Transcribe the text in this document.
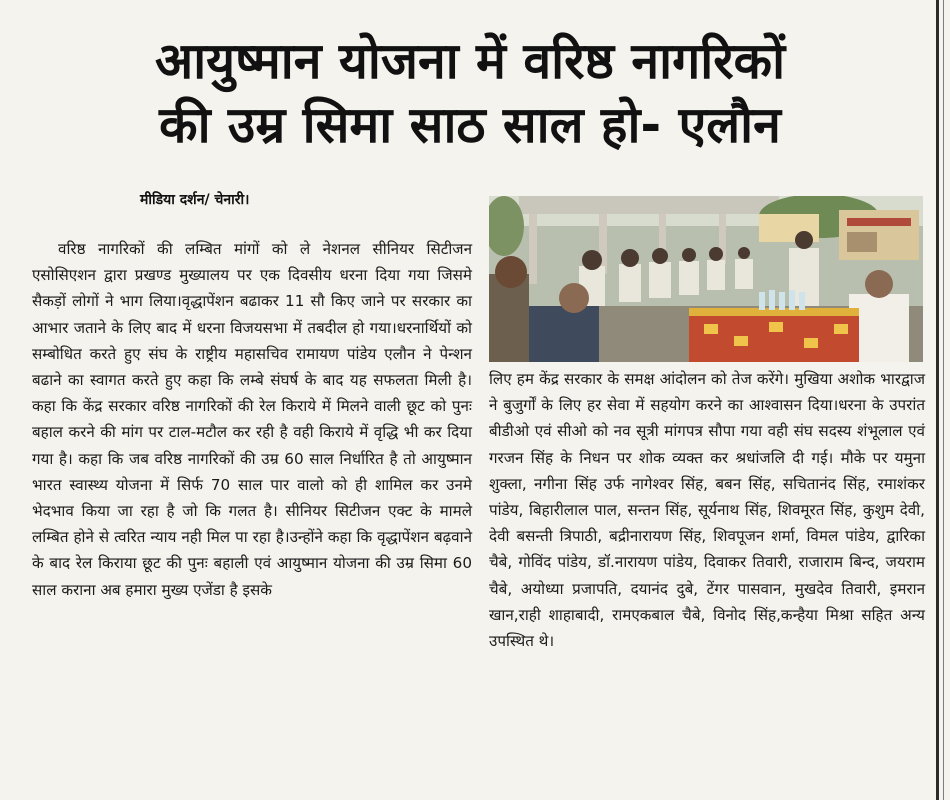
आयुष्मान योजना में वरिष्ठ नागरिकों
की उम्र सिमा साठ साल हो- एलौन
मीडिया दर्शन/ चेनारी।

वरिष्ठ नागरिकों की लम्बित मांगों को ले नेशनल सीनियर सिटीजन एसोसिएशन द्वारा प्रखण्ड मुख्यालय पर एक दिवसीय धरना दिया गया जिसमे सैकड़ों लोगों ने भाग लिया।वृद्धापेंशन बढाकर 11 सौ किए जाने पर सरकार का आभार जताने के लिए बाद में धरना विजयसभा में तबदील हो गया।धरनार्थियों को सम्बोधित करते हुए संघ के राष्ट्रीय महासचिव रामायण पांडेय एलौन ने पेन्शन बढाने का स्वागत करते हुए कहा कि लम्बे संघर्ष के बाद यह सफलता मिली है।कहा कि केंद्र सरकार वरिष्ठ नागरिकों की रेल किराये में मिलने वाली छूट को पुनः बहाल करने की मांग पर टाल-मटौल कर रही है वही किराये में वृद्धि भी कर दिया गया है। कहा कि जब वरिष्ठ नागरिकों की उम्र 60 साल निर्धारित है तो आयुष्मान भारत स्वास्थ्य योजना में सिर्फ 70 साल पार वालो को ही शामिल कर उनमे भेदभाव किया जा रहा है जो कि गलत है। सीनियर सिटीजन एक्ट के मामले लम्बित होने से त्वरित न्याय नही मिल पा रहा है।उन्होंने कहा कि वृद्धापेंशन बढ़वाने के बाद रेल किराया छूट की पुनः बहाली एवं आयुष्मान योजना की उम्र सिमा 60 साल कराना अब हमारा मुख्य एजेंडा है इसके

लिए हम केंद्र सरकार के समक्ष आंदोलन को तेज करेंगे। मुखिया अशोक भारद्वाज ने बुजुर्गों के लिए हर सेवा में सहयोग करने का आश्वासन दिया।धरना के उपरांत बीडीओ एवं सीओ को नव सूत्री मांगपत्र सौपा गया वही संघ सदस्य शंभूलाल एवं गरजन सिंह के निधन पर शोक व्यक्त कर श्रधांजलि दी गई। मौके पर यमुना शुक्ला, नगीना सिंह उर्फ नागेश्वर सिंह, बबन सिंह, सचितानंद सिंह, रमाशंकर पांडेय, बिहारीलाल पाल, सन्तन सिंह, सूर्यनाथ सिंह, शिवमूरत सिंह, कुशुम देवी, देवी बसन्ती त्रिपाठी, बद्रीनारायण सिंह, शिवपूजन शर्मा, विमल पांडेय, द्वारिका चैबे, गोविंद पांडेय, डॉ.नारायण पांडेय, दिवाकर तिवारी, राजाराम बिन्द, जयराम चैबे, अयोध्या प्रजापति, दयानंद दुबे, टेंगर पासवान, मुखदेव तिवारी, इमरान खान,राही शाहाबादी, रामएकबाल चैबे, विनोद सिंह,कन्हैया मिश्रा सहित अन्य उपस्थित थे।
